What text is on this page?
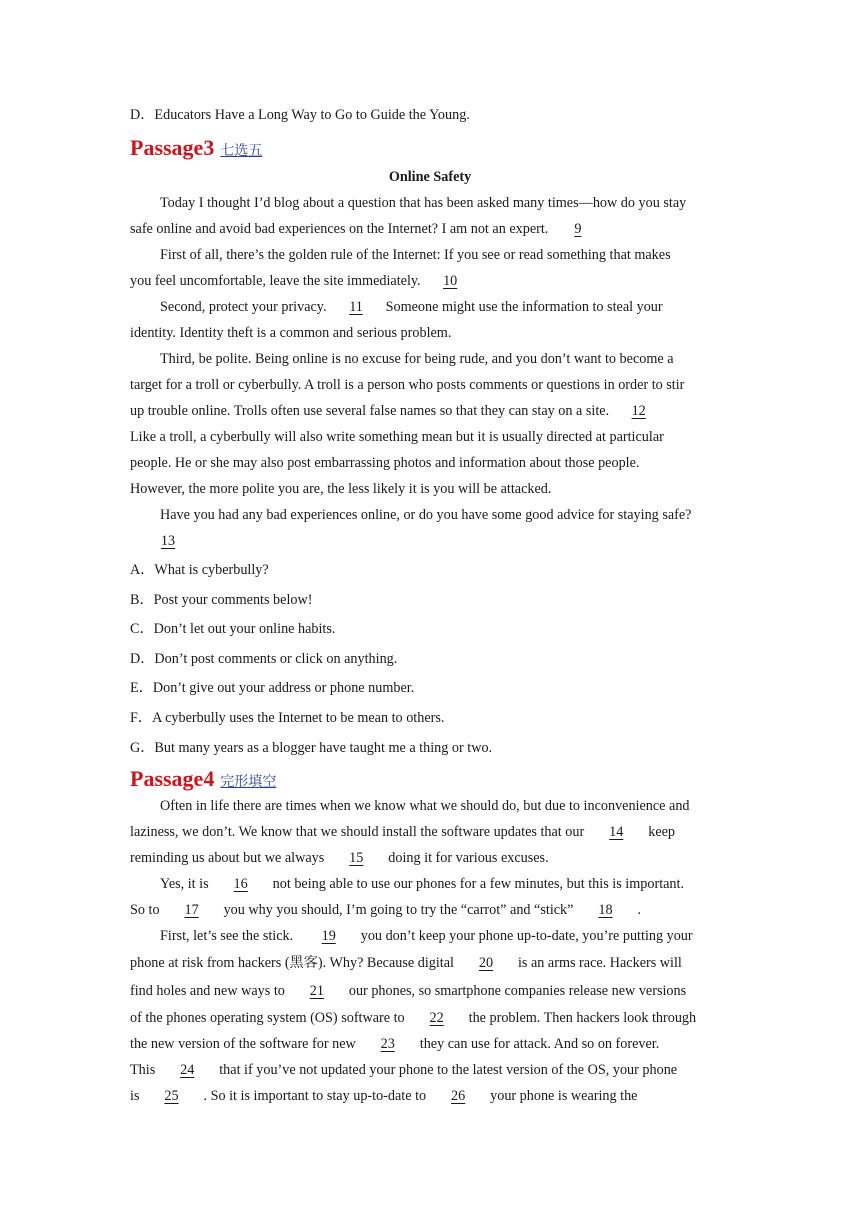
D．Educators Have a Long Way to Go to Guide the Young.
Passage3 七选五
Online Safety
Today I thought I’d blog about a question that has been asked many times—how do you stay
safe online and avoid bad experiences on the Internet? I am not an expert. 9
First of all, there’s the golden rule of the Internet: If you see or read something that makes
you feel uncomfortable, leave the site immediately. 10
Second, protect your privacy. 11 Someone might use the information to steal your
identity. Identity theft is a common and serious problem.
Third, be polite. Being online is no excuse for being rude, and you don’t want to become a
target for a troll or cyberbully. A troll is a person who posts comments or questions in order to stir
up trouble online. Trolls often use several false names so that they can stay on a site. 12
Like a troll, a cyberbully will also write something mean but it is usually directed at particular
people. He or she may also post embarrassing photos and information about those people.
However, the more polite you are, the less likely it is you will be attacked.
Have you had any bad experiences online, or do you have some good advice for staying safe?
13
A．What is cyberbully?
B．Post your comments below!
C．Don’t let out your online habits.
D．Don’t post comments or click on anything.
E．Don’t give out your address or phone number.
F．A cyberbully uses the Internet to be mean to others.
G．But many years as a blogger have taught me a thing or two.
Passage4 完形填空
Often in life there are times when we know what we should do, but due to inconvenience and
laziness, we don’t. We know that we should install the software updates that our 14 keep
reminding us about but we always 15 doing it for various excuses.
Yes, it is 16 not being able to use our phones for a few minutes, but this is important.
So to 17 you why you should, I’m going to try the “carrot” and “stick” 18 .
First, let’s see the stick. 19 you don’t keep your phone up-to-date, you’re putting your
phone at risk from hackers (黑客). Why? Because digital 20 is an arms race. Hackers will
find holes and new ways to 21 our phones, so smartphone companies release new versions
of the phones operating system (OS) software to 22 the problem. Then hackers look through
the new version of the software for new 23 they can use for attack. And so on forever.
This 24 that if you’ve not updated your phone to the latest version of the OS, your phone
is 25 . So it is important to stay up-to-date to 26 your phone is wearing the
